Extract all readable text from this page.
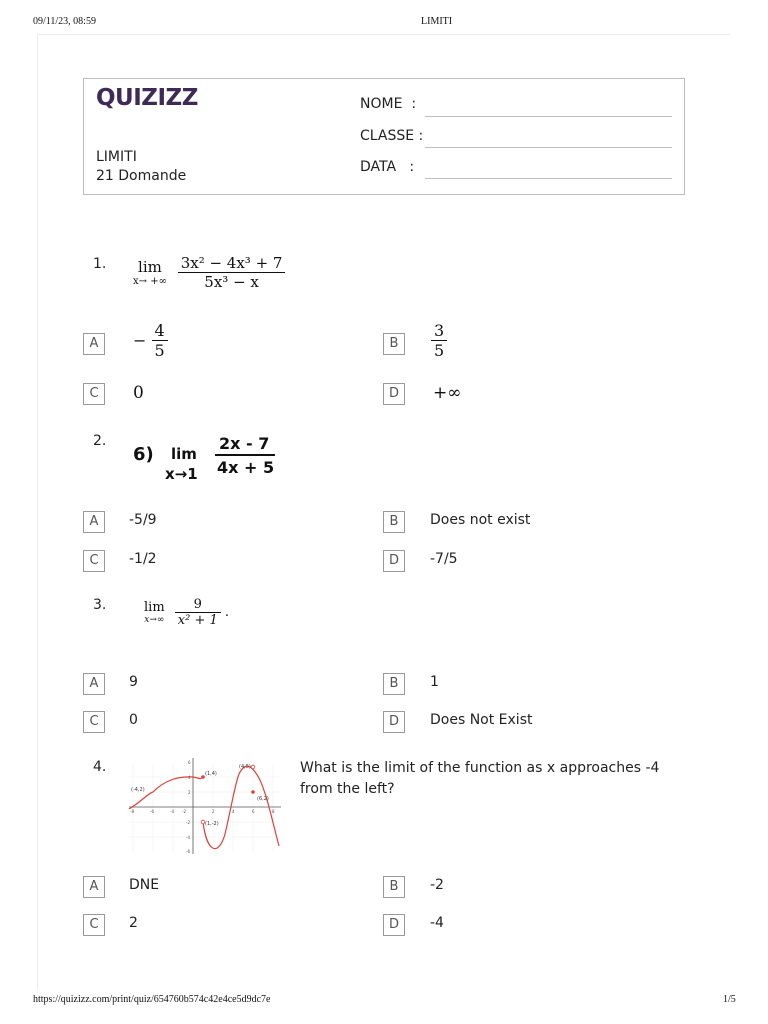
09/11/23, 08:59	LIMITI
https://quizizz.com/print/quiz/654760b574c42e4ce5d9dc7e	1/5
QUIZIZZ
LIMITI
21 Domande
NOME  :
CLASSE :
DATA   :
1.	lim
x→ +∞
$\frac{\text{3x² − 4x³ + 7}}{\text{5x³ − x}}$
A	− $\frac{4}{5}$	B	$\frac{3}{5}$
C	0	D	+∞
2.
6) lim
x→1
2x - 7
4x + 5
A	-5/9	B	Does not exist
C	-1/2	D	-7/5
3.	lim
x→∞
$\frac{9}{\text{x² + 1}}$ .
A	9	B	1
C	0	D	Does Not Exist
4.
(-4,2)
(1,4)
(4,5)
(6,2)
(1,-2)
-8	-6	-4 -2	2	4	6	8
6
4
2
-2
-4
-6
What is the limit of the function as x approaches -4 from the left?
A	DNE	B	-2
C	2	D	-4
